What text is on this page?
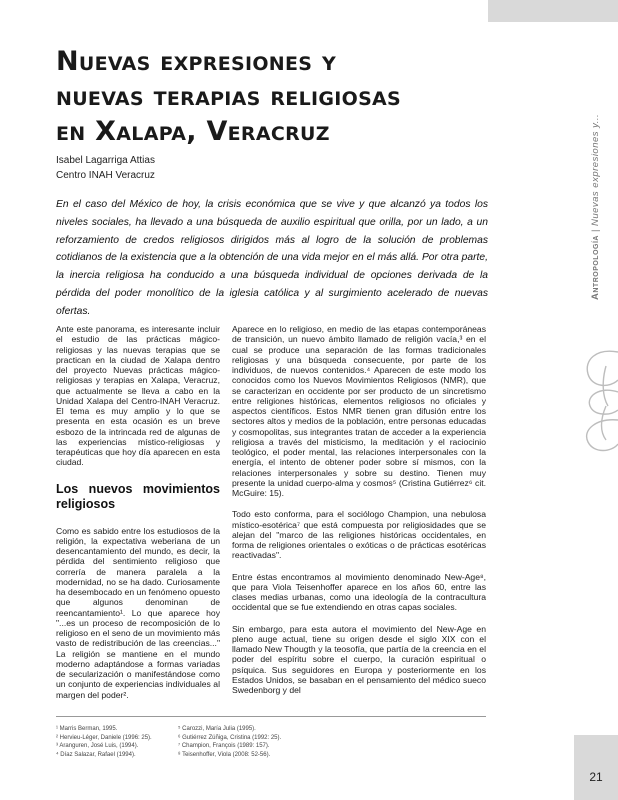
Nuevas expresiones y
nuevas terapias religiosas
en Xalapa, Veracruz
Isabel Lagarriga Attias
Centro INAH Veracruz

En el caso del México de hoy, la crisis económica que se vive y que alcanzó ya todos los niveles sociales, ha llevado a una búsqueda de auxilio espiritual que orilla, por un lado, a un reforzamiento de credos religiosos dirigidos más al logro de la solución de problemas cotidianos de la existencia que a la obtención de una vida mejor en el más allá. Por otra parte, la inercia religiosa ha conducido a una búsqueda individual de opciones derivada de la pérdida del poder monolítico de la iglesia católica y al surgimiento acelerado de nuevas ofertas.

Ante este panorama, es interesante incluir el estudio de las prácticas mágico-religiosas y las nuevas terapias que se practican en la ciudad de Xalapa dentro del proyecto Nuevas prácticas mágico-religiosas y terapias en Xalapa, Veracruz, que actualmente se lleva a cabo en la Unidad Xalapa del Centro-INAH Veracruz. El tema es muy amplio y lo que se presenta en esta ocasión es un breve esbozo de la intrincada red de algunas de las experiencias místico-religiosas y terapéuticas que hoy día aparecen en esta ciudad.

Los nuevos movimientos religiosos

Como es sabido entre los estudiosos de la religión, la expectativa weberiana de un desencantamiento del mundo, es decir, la pérdida del sentimiento religioso que correría de manera paralela a la modernidad, no se ha dado. Curiosamente ha desembocado en un fenómeno opuesto que algunos denominan de reencantamiento¹. Lo que aparece hoy "...es un proceso de recomposición de lo religioso en el seno de un movimiento más vasto de redistribución de las creencias..." La religión se mantiene en el mundo moderno adaptándose a formas variadas de secularización o manifestándose como un conjunto de experiencias individuales al margen del poder².

Aparece en lo religioso, en medio de las etapas contemporáneas de transición, un nuevo ámbito llamado de religión vacía,³ en el cual se produce una separación de las formas tradicionales religiosas y una búsqueda consecuente, por parte de los individuos, de nuevos contenidos.⁴ Aparecen de este modo los conocidos como los Nuevos Movimientos Religiosos (NMR), que se caracterizan en occidente por ser producto de un sincretismo entre religiones históricas, elementos religiosos no oficiales y aspectos científicos. Estos NMR tienen gran difusión entre los sectores altos y medios de la población, entre personas educadas y cosmopolitas, sus integrantes tratan de acceder a la experiencia religiosa a través del misticismo, la meditación y el raciocinio teológico, el poder mental, las relaciones interpersonales con la energía, el intento de obtener poder sobre sí mismos, con la relaciones interpersonales y sobre su destino. Tienen muy presente la unidad cuerpo-alma y cosmos⁵ (Cristina Gutiérrez⁶ cit. McGuire: 15).

Todo esto conforma, para el sociólogo Champion, una nebulosa místico-esotérica⁷ que está compuesta por religiosidades que se alejan del "marco de las religiones históricas occidentales, en forma de religiones orientales o exóticas o de prácticas esotéricas reactivadas".

Entre éstas encontramos al movimiento denominado New-Age⁸, que para Viola Teisenhoffer aparece en los años 60, entre las clases medias urbanas, como una ideología de la contracultura occidental que se fue extendiendo en otras capas sociales.

Sin embargo, para esta autora el movimiento del New-Age en pleno auge actual, tiene su origen desde el siglo XIX con el llamado New Thougth y la teosofía, que partía de la creencia en el poder del espíritu sobre el cuerpo, la curación espiritual o psíquica. Sus seguidores en Europa y posteriormente en los Estados Unidos, se basaban en el pensamiento del médico sueco Swedenborg y del

¹ Marris Berman, 1995.
² Hervieu-Léger, Daniele (1996: 25).
³ Aranguren, José Luis, (1994).
⁴ Díaz Salazar, Rafael (1994).
⁵ Carozzi, María Julia (1995).
⁶ Gutiérrez Zúñiga, Cristina (1992: 25).
⁷ Champion, François (1989: 157).
⁸ Teisenhoffer, Viola (2008: 52-56).
Antropología|Nuevas expresiones y...
21
